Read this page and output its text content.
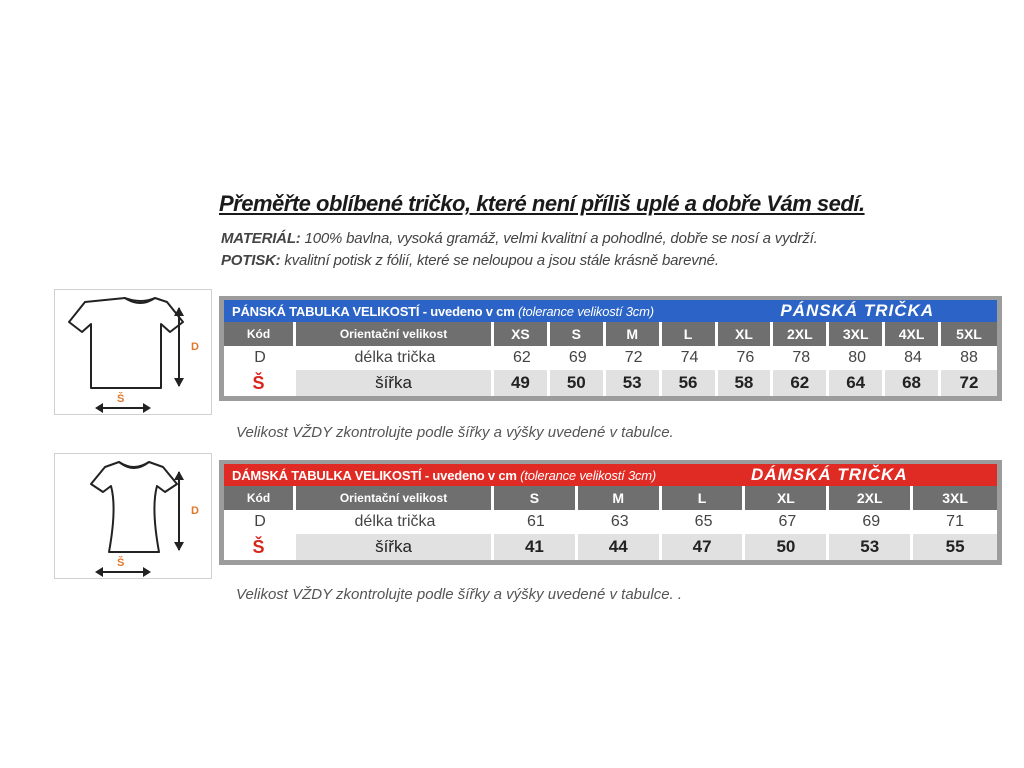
Přeměřte oblíbené tričko, které není příliš uplé a dobře Vám sedí.
MATERIÁL: 100% bavlna, vysoká gramáž, velmi kvalitní a pohodlné, dobře se nosí a vydrží.
POTISK: kvalitní potisk z fólií, které se neloupou a jsou stále krásně barevné.
D
Š
PÁNSKÁ TABULKA VELIKOSTÍ - uvedeno v cm (tolerance velikostí 3cm)						PÁNSKÁ TRIČKA				
Kód	Orientační velikost	XS	S	M	L	XL	2XL	3XL	4XL	5XL
D	délka trička	62	69	72	74	76	78	80	84	88
Š	šířka	49	50	53	56	58	62	64	68	72
Velikost VŽDY zkontrolujte podle šířky a výšky uvedené v tabulce.
D
Š
DÁMSKÁ TABULKA VELIKOSTÍ - uvedeno v cm (tolerance velikostí 3cm)				DÁMSKÁ TRIČKA			
Kód	Orientační velikost	S	M	L	XL	2XL	3XL
D	délka trička	61	63	65	67	69	71
Š	šířka	41	44	47	50	53	55
Velikost VŽDY zkontrolujte podle šířky a výšky uvedené v tabulce. .
